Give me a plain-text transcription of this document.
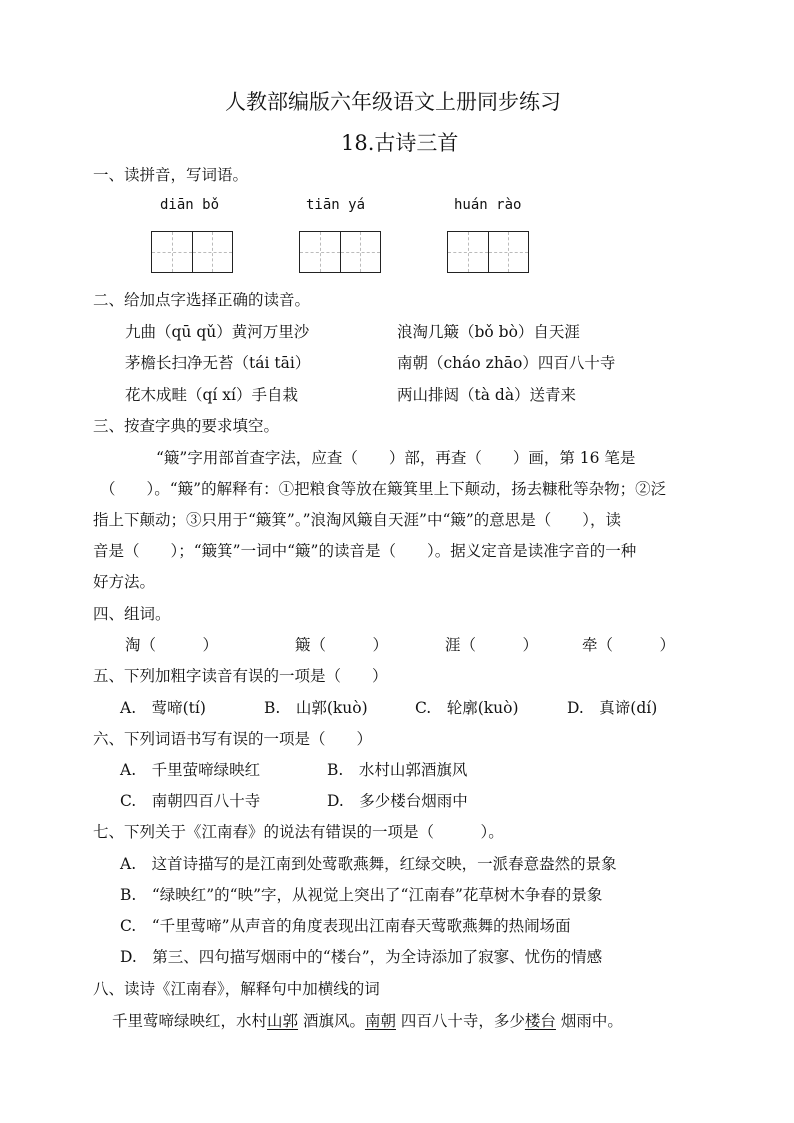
人教部编版六年级语文上册同步练习
18.古诗三首
一、读拼音，写词语。
diān bǒ	tiān yá	huán rào
二、给加点字选择正确的读音。
九曲（qū qǔ）黄河万里沙	浪淘几簸（bǒ bò）自天涯
茅檐长扫净无苔（tái tāi）	南朝（cháo zhāo）四百八十寺
花木成畦（qí xí）手自栽	两山排闼（tà dà）送青来
三、按查字典的要求填空。
“簸”字用部首查字法，应查（　　）部，再查（　　）画，第 16 笔是
（　　）。“簸”的解释有：①把粮食等放在簸箕里上下颠动，扬去糠秕等杂物；②泛
指上下颠动；③只用于“簸箕”。”浪淘风簸自天涯”中“簸”的意思是（　　），读
音是（　　）；“簸箕”一词中“簸”的读音是（　　）。据义定音是读准字音的一种
好方法。
四、组词。
淘（　　　）	簸（　　　）	涯（　　　）	牵（　　　）
五、下列加粗字读音有误的一项是（　　）
A.　莺啼(tí)	B.　山郭(kuò)	C.　轮廓(kuò)	D.　真谛(dí)
六、下列词语书写有误的一项是（　　）
A.　千里萤啼绿映红	B.　水村山郭酒旗风
C.　南朝四百八十寺	D.　多少楼台烟雨中
七、下列关于《江南春》的说法有错误的一项是（　　　）。
A.　这首诗描写的是江南到处莺歌燕舞，红绿交映，一派春意盎然的景象
B.　“绿映红”的“映”字，从视觉上突出了“江南春”花草树木争春的景象
C.　“千里莺啼”从声音的角度表现出江南春天莺歌燕舞的热闹场面
D.　第三、四句描写烟雨中的“楼台”，为全诗添加了寂寥、忧伤的情感
八、读诗《江南春》，解释句中加横线的词
千里莺啼绿映红，水村山郭 酒旗风。南朝 四百八十寺，多少楼台 烟雨中。
